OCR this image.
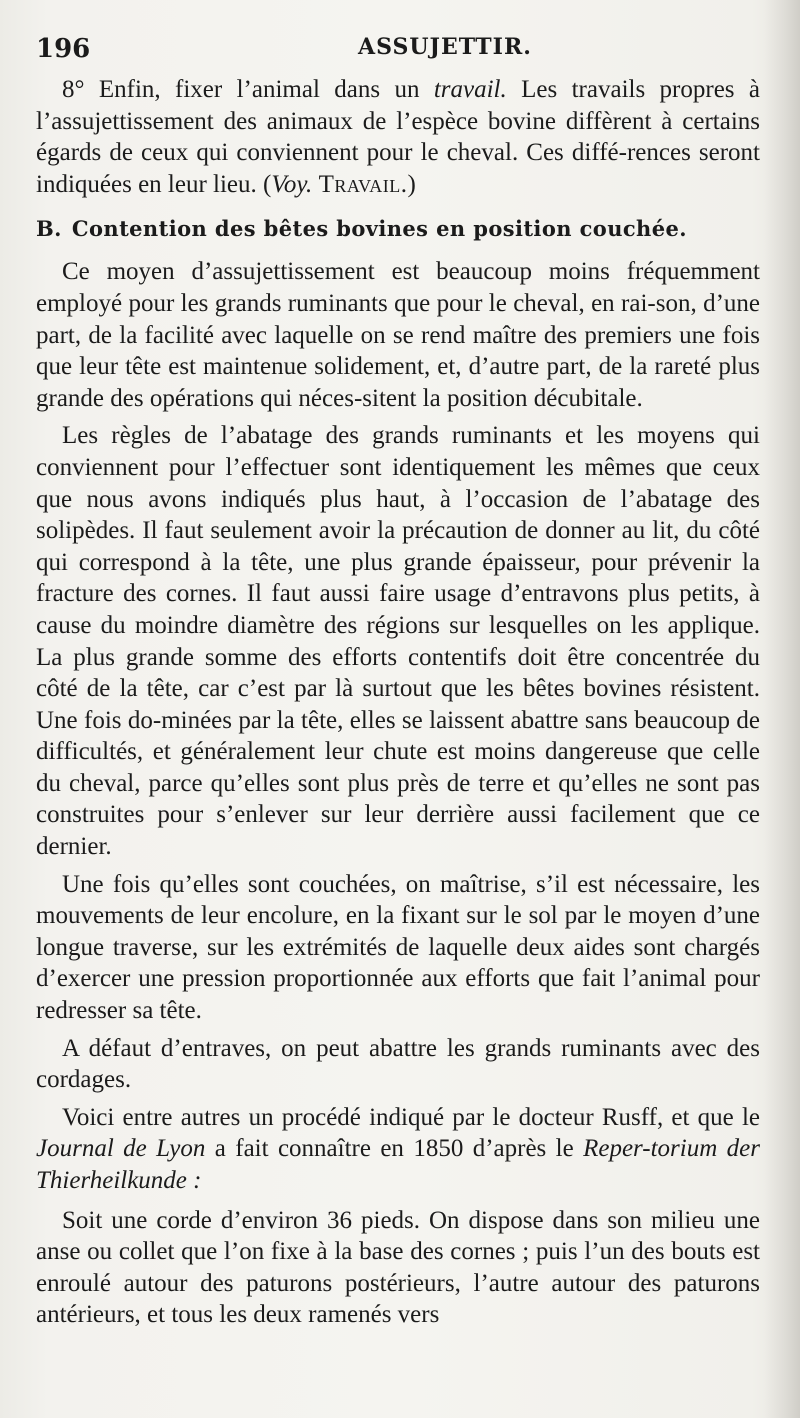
196	ASSUJETTIR.

8° Enfin, fixer l’animal dans un travail. Les travails propres à l’assujettissement des animaux de l’espèce bovine diffèrent à certains égards de ceux qui conviennent pour le cheval. Ces diffé-rences seront indiquées en leur lieu. (Voy. Travail.)

B. Contention des bêtes bovines en position couchée.

Ce moyen d’assujettissement est beaucoup moins fréquemment employé pour les grands ruminants que pour le cheval, en rai-son, d’une part, de la facilité avec laquelle on se rend maître des premiers une fois que leur tête est maintenue solidement, et, d’autre part, de la rareté plus grande des opérations qui néces-sitent la position décubitale.

Les règles de l’abatage des grands ruminants et les moyens qui conviennent pour l’effectuer sont identiquement les mêmes que ceux que nous avons indiqués plus haut, à l’occasion de l’abatage des solipèdes. Il faut seulement avoir la précaution de donner au lit, du côté qui correspond à la tête, une plus grande épaisseur, pour prévenir la fracture des cornes. Il faut aussi faire usage d’entravons plus petits, à cause du moindre diamètre des régions sur lesquelles on les applique. La plus grande somme des efforts contentifs doit être concentrée du côté de la tête, car c’est par là surtout que les bêtes bovines résistent. Une fois do-minées par la tête, elles se laissent abattre sans beaucoup de difficultés, et généralement leur chute est moins dangereuse que celle du cheval, parce qu’elles sont plus près de terre et qu’elles ne sont pas construites pour s’enlever sur leur derrière aussi facilement que ce dernier.

Une fois qu’elles sont couchées, on maîtrise, s’il est nécessaire, les mouvements de leur encolure, en la fixant sur le sol par le moyen d’une longue traverse, sur les extrémités de laquelle deux aides sont chargés d’exercer une pression proportionnée aux efforts que fait l’animal pour redresser sa tête.

A défaut d’entraves, on peut abattre les grands ruminants avec des cordages.

Voici entre autres un procédé indiqué par le docteur Rusff, et que le Journal de Lyon a fait connaître en 1850 d’après le Reper-torium der Thierheilkunde :

Soit une corde d’environ 36 pieds. On dispose dans son milieu une anse ou collet que l’on fixe à la base des cornes ; puis l’un des bouts est enroulé autour des paturons postérieurs, l’autre autour des paturons antérieurs, et tous les deux ramenés vers
